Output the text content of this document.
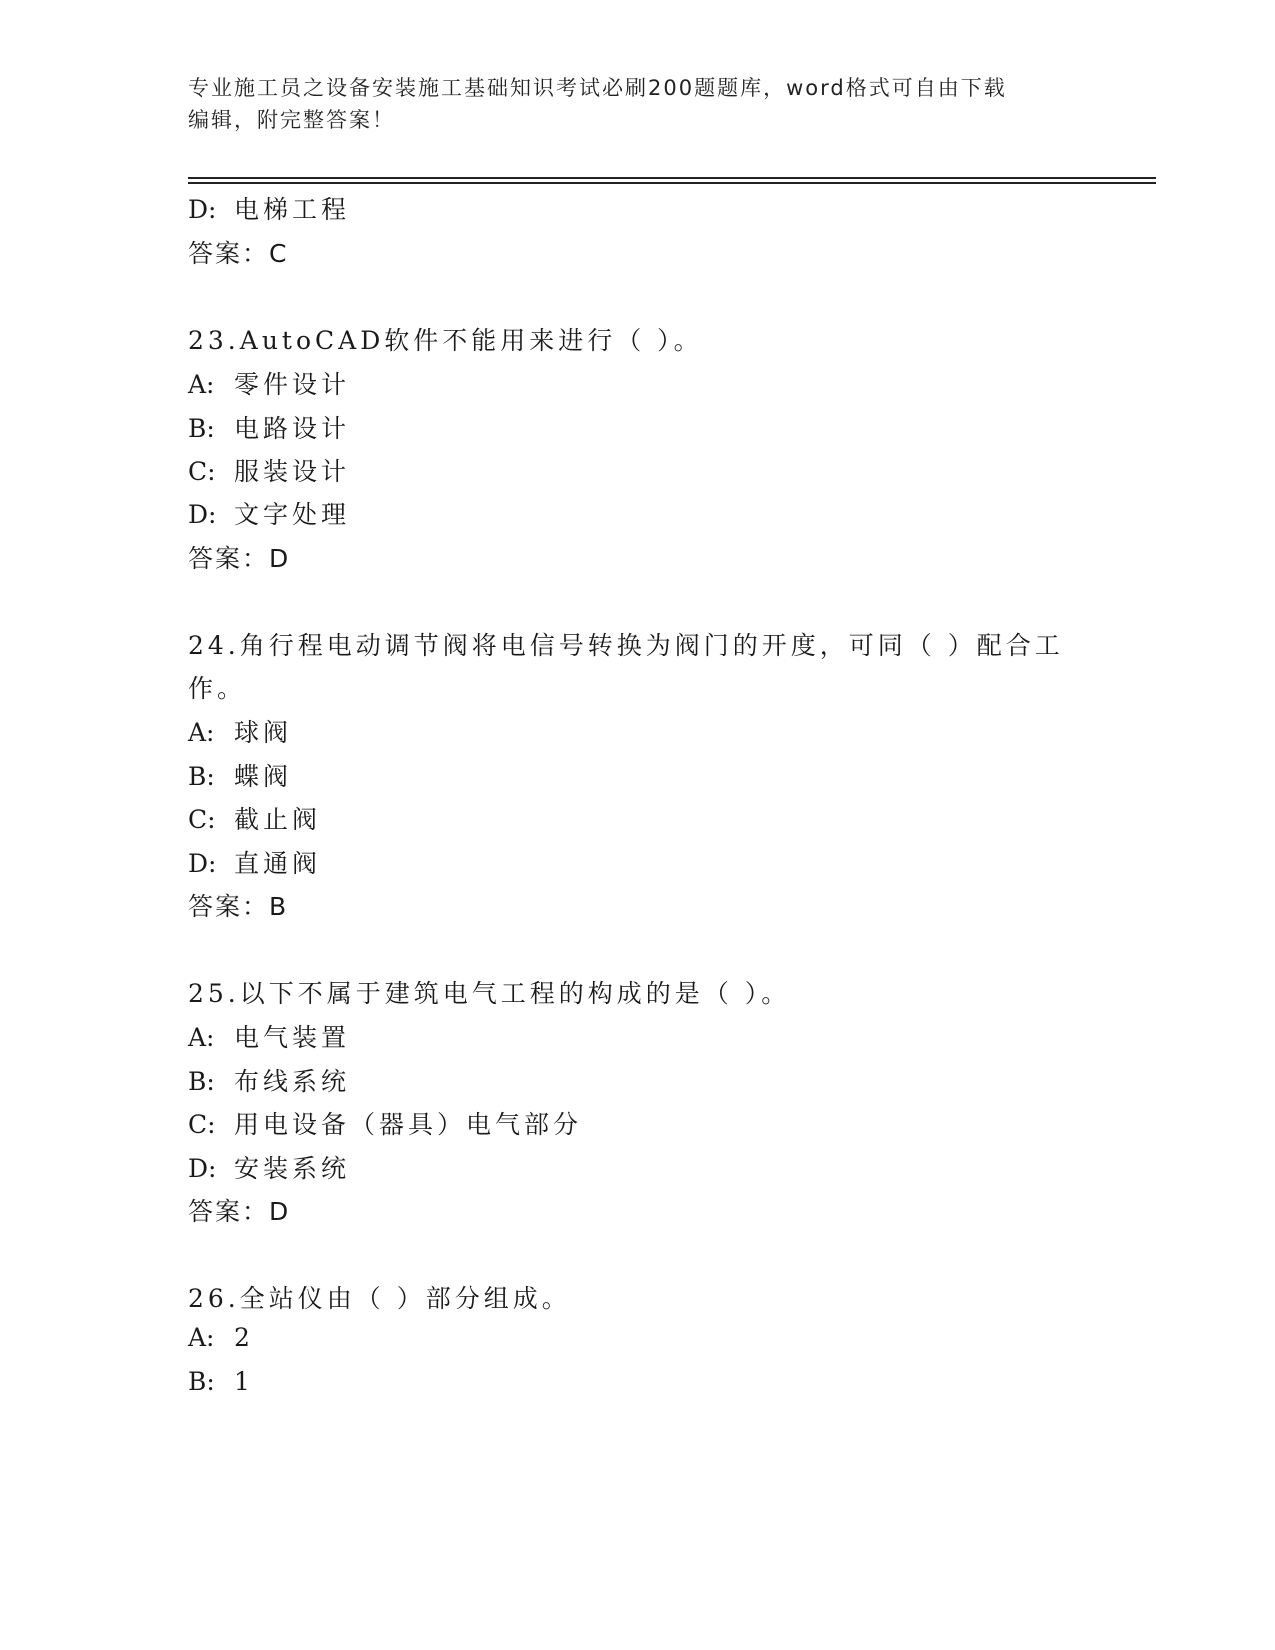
专业施工员之设备安装施工基础知识考试必刷200题题库，word格式可自由下载
编辑，附完整答案！
D: 电梯工程
答案：C
23.AutoCAD软件不能用来进行（ ）。
A: 零件设计
B: 电路设计
C: 服装设计
D: 文字处理
答案：D
24.角行程电动调节阀将电信号转换为阀门的开度，可同（ ）配合工
作。
A: 球阀
B: 蝶阀
C: 截止阀
D: 直通阀
答案：B
25.以下不属于建筑电气工程的构成的是（ ）。
A: 电气装置
B: 布线系统
C: 用电设备（器具）电气部分
D: 安装系统
答案：D
26.全站仪由（ ）部分组成。
A: 2
B: 1
